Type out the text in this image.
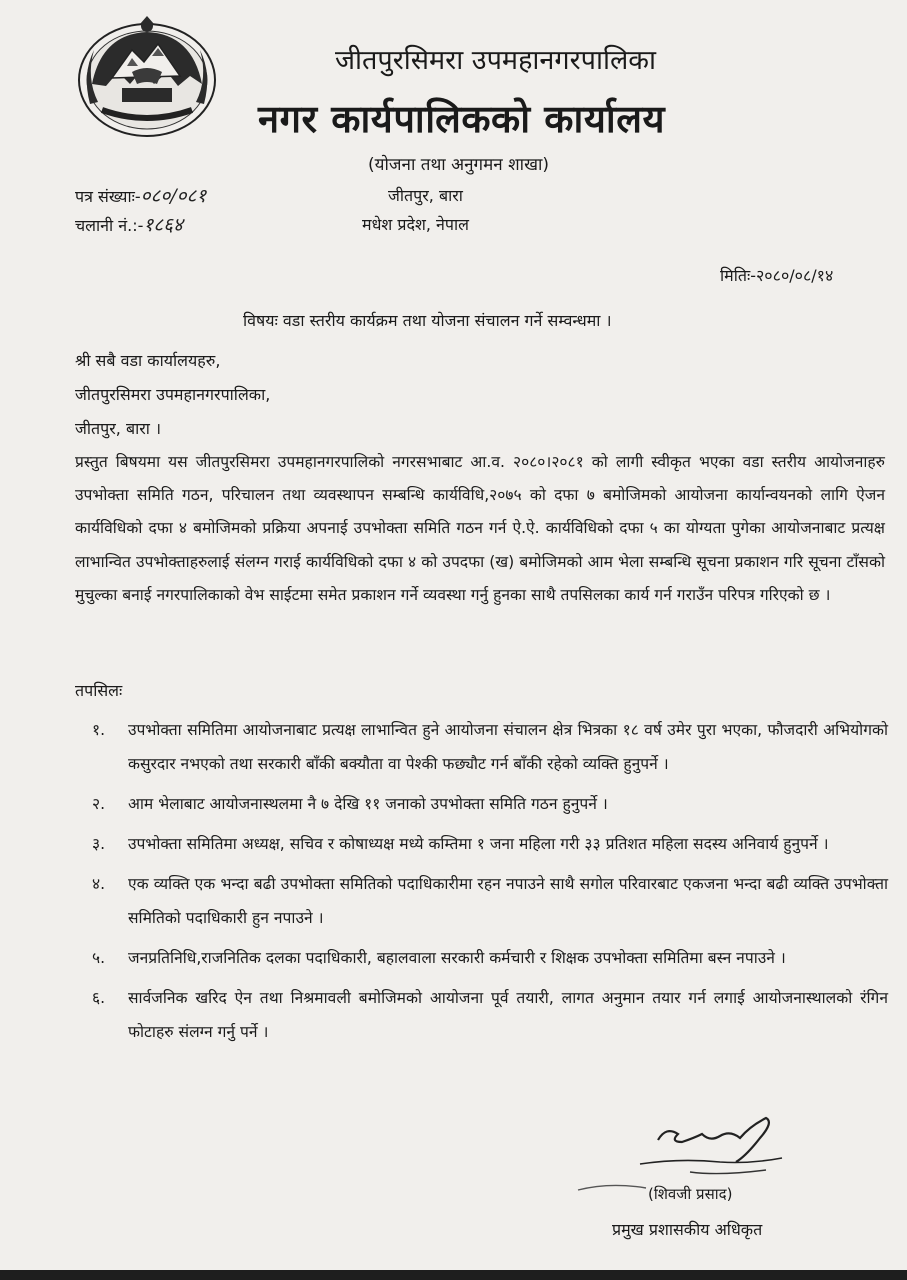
जीतपुरसिमरा उपमहानगरपालिका
नगर कार्यपालिकको कार्यालय
(योजना तथा अनुगमन शाखा)
जीतपुर, बारा
मधेश प्रदेश, नेपाल
पत्र संख्याः-०८०/०८१
चलानी नं.:-१८६४
मितिः-२०८०/०८/१४
विषयः वडा स्तरीय कार्यक्रम तथा योजना संचालन गर्ने सम्वन्धमा ।
श्री सबै वडा कार्यालयहरु,
जीतपुरसिमरा उपमहानगरपालिका,
जीतपुर, बारा ।
प्रस्तुत बिषयमा यस जीतपुरसिमरा उपमहानगरपालिको नगरसभाबाट आ.व. २०८०।२०८१ को लागी स्वीकृत भएका वडा स्तरीय आयोजनाहरु उपभोक्ता समिति गठन, परिचालन तथा व्यवस्थापन सम्बन्धि कार्यविधि,२०७५ को दफा ७ बमोजिमको आयोजना कार्यान्वयनको लागि ऐजन कार्यविधिको दफा ४ बमोजिमको प्रक्रिया अपनाई उपभोक्ता समिति गठन गर्न ऐ.ऐ. कार्यविधिको दफा ५ का योग्यता पुगेका आयोजनाबाट प्रत्यक्ष लाभान्वित उपभोक्ताहरुलाई संलग्न गराई कार्यविधिको दफा ४ को उपदफा (ख) बमोजिमको आम भेला सम्बन्धि सूचना प्रकाशन गरि सूचना टाँसको मुचुल्का बनाई नगरपालिकाको वेभ साईटमा समेत प्रकाशन गर्ने व्यवस्था गर्नु हुनका साथै तपसिलका कार्य गर्न गराउँन परिपत्र गरिएको छ ।
तपसिलः
१. उपभोक्ता समितिमा आयोजनाबाट प्रत्यक्ष लाभान्वित हुने आयोजना संचालन क्षेत्र भित्रका १८ वर्ष उमेर पुरा भएका, फौजदारी अभियोगको कसुरदार नभएको तथा सरकारी बाँकी बक्यौता वा पेश्की फछ्यौट गर्न बाँकी रहेको व्यक्ति हुनुपर्ने ।
२. आम भेलाबाट आयोजनास्थलमा नै ७ देखि ११ जनाको उपभोक्ता समिति गठन हुनुपर्ने ।
३. उपभोक्ता समितिमा अध्यक्ष, सचिव र कोषाध्यक्ष मध्ये कम्तिमा १ जना महिला गरी ३३ प्रतिशत महिला सदस्य अनिवार्य हुनुपर्ने ।
४. एक व्यक्ति एक भन्दा बढी उपभोक्ता समितिको पदाधिकारीमा रहन नपाउने साथै सगोल परिवारबाट एकजना भन्दा बढी व्यक्ति उपभोक्ता समितिको पदाधिकारी हुन नपाउने ।
५. जनप्रतिनिधि,राजनितिक दलका पदाधिकारी, बहालवाला सरकारी कर्मचारी र शिक्षक उपभोक्ता समितिमा बस्न नपाउने ।
६. सार्वजनिक खरिद ऐन तथा निश्रमावली बमोजिमको आयोजना पूर्व तयारी, लागत अनुमान तयार गर्न लगाई आयोजनास्थालको रंगिन फोटाहरु संलग्न गर्नु पर्ने ।
(शिवजी प्रसाद)
प्रमुख प्रशासकीय अधिकृत
